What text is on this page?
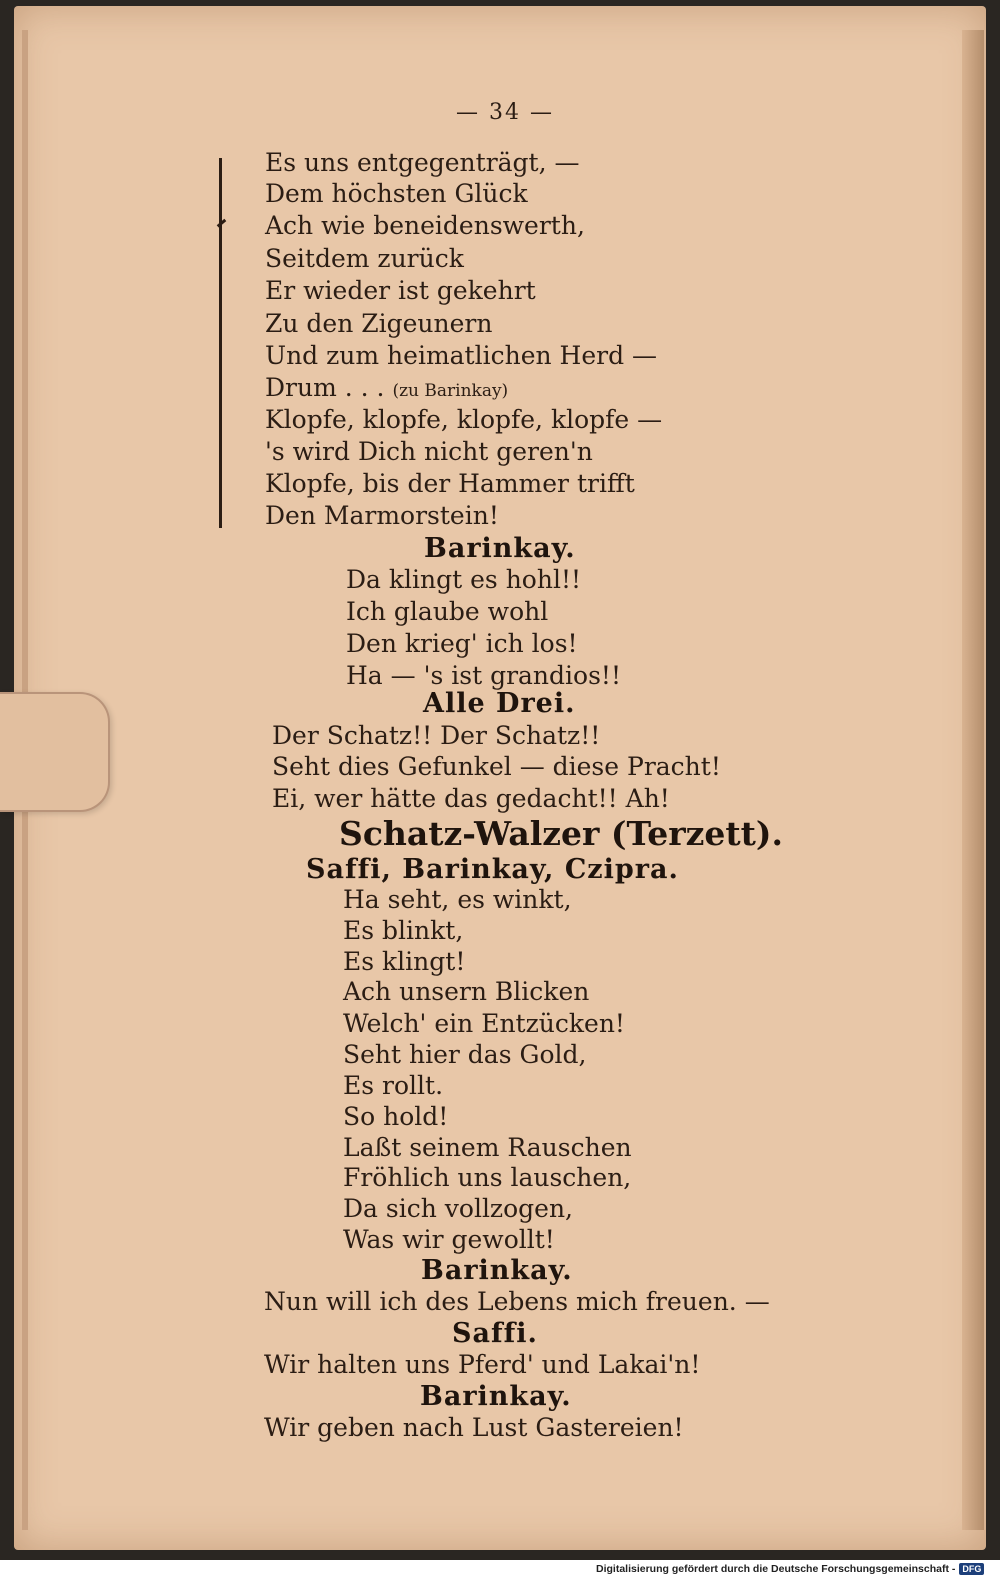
— 34 —
Es uns entgegenträgt, —
Dem höchsten Glück
Ach wie beneidenswerth,
Seitdem zurück
Er wieder ist gekehrt
Zu den Zigeunern
Und zum heimatlichen Herd —
Drum . . . (zu Barinkay)
Klopfe, klopfe, klopfe, klopfe —
's wird Dich nicht geren'n
Klopfe, bis der Hammer trifft
Den Marmorstein!
Barinkay.
Da klingt es hohl!!
Ich glaube wohl
Den krieg' ich los!
Ha — 's ist grandios!!
Alle Drei.
Der Schatz!! Der Schatz!!
Seht dies Gefunkel — diese Pracht!
Ei, wer hätte das gedacht!! Ah!
Schatz-Walzer (Terzett).
Saffi, Barinkay, Czipra.
Ha seht, es winkt,
Es blinkt,
Es klingt!
Ach unsern Blicken
Welch' ein Entzücken!
Seht hier das Gold,
Es rollt.
So hold!
Laßt seinem Rauschen
Fröhlich uns lauschen,
Da sich vollzogen,
Was wir gewollt!
Barinkay.
Nun will ich des Lebens mich freuen. —
Saffi.
Wir halten uns Pferd' und Lakai'n!
Barinkay.
Wir geben nach Lust Gastereien!
Digitalisierung gefördert durch die Deutsche Forschungsgemeinschaft - DFG
